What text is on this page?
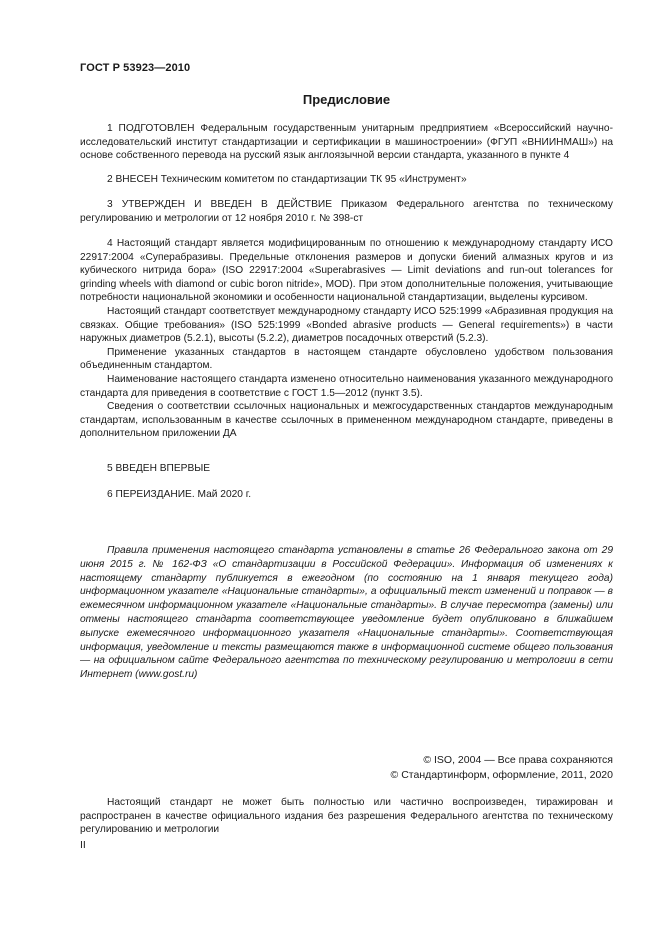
ГОСТ Р 53923—2010
Предисловие

1 ПОДГОТОВЛЕН Федеральным государственным унитарным предприятием «Всероссийский научно-исследовательский институт стандартизации и сертификации в машиностроении» (ФГУП «ВНИИНМАШ») на основе собственного перевода на русский язык англоязычной версии стандарта, указанного в пункте 4

2 ВНЕСЕН Техническим комитетом по стандартизации ТК 95 «Инструмент»

3 УТВЕРЖДЕН И ВВЕДЕН В ДЕЙСТВИЕ Приказом Федерального агентства по техническому регулированию и метрологии от 12 ноября 2010 г. № 398-ст

4 Настоящий стандарт является модифицированным по отношению к международному стандарту ИСО 22917:2004 «Суперабразивы. Предельные отклонения размеров и допуски биений алмазных кругов и из кубического нитрида бора» (ISO 22917:2004 «Superabrasives — Limit deviations and run-out tolerances for grinding wheels with diamond or cubic boron nitride», MOD). При этом дополнительные положения, учитывающие потребности национальной экономики и особенности национальной стандартизации, выделены курсивом.

Настоящий стандарт соответствует международному стандарту ИСО 525:1999 «Абразивная продукция на связках. Общие требования» (ISO 525:1999 «Bonded abrasive products — General requirements») в части наружных диаметров (5.2.1), высоты (5.2.2), диаметров посадочных отверстий (5.2.3).

Применение указанных стандартов в настоящем стандарте обусловлено удобством пользования объединенным стандартом.

Наименование настоящего стандарта изменено относительно наименования указанного международного стандарта для приведения в соответствие с ГОСТ 1.5—2012 (пункт 3.5).

Сведения о соответствии ссылочных национальных и межгосударственных стандартов международным стандартам, использованным в качестве ссылочных в примененном международном стандарте, приведены в дополнительном приложении ДА

5 ВВЕДЕН ВПЕРВЫЕ

6 ПЕРЕИЗДАНИЕ. Май 2020 г.

Правила применения настоящего стандарта установлены в статье 26 Федерального закона от 29 июня 2015 г. № 162-ФЗ «О стандартизации в Российской Федерации». Информация об изменениях к настоящему стандарту публикуется в ежегодном (по состоянию на 1 января текущего года) информационном указателе «Национальные стандарты», а официальный текст изменений и поправок — в ежемесячном информационном указателе «Национальные стандарты». В случае пересмотра (замены) или отмены настоящего стандарта соответствующее уведомление будет опубликовано в ближайшем выпуске ежемесячного информационного указателя «Национальные стандарты». Соответствующая информация, уведомление и тексты размещаются также в информационной системе общего пользования — на официальном сайте Федерального агентства по техническому регулированию и метрологии в сети Интернет (www.gost.ru)

© ISO, 2004 — Все права сохраняются
© Стандартинформ, оформление, 2011, 2020

Настоящий стандарт не может быть полностью или частично воспроизведен, тиражирован и распространен в качестве официального издания без разрешения Федерального агентства по техническому регулированию и метрологии

II
